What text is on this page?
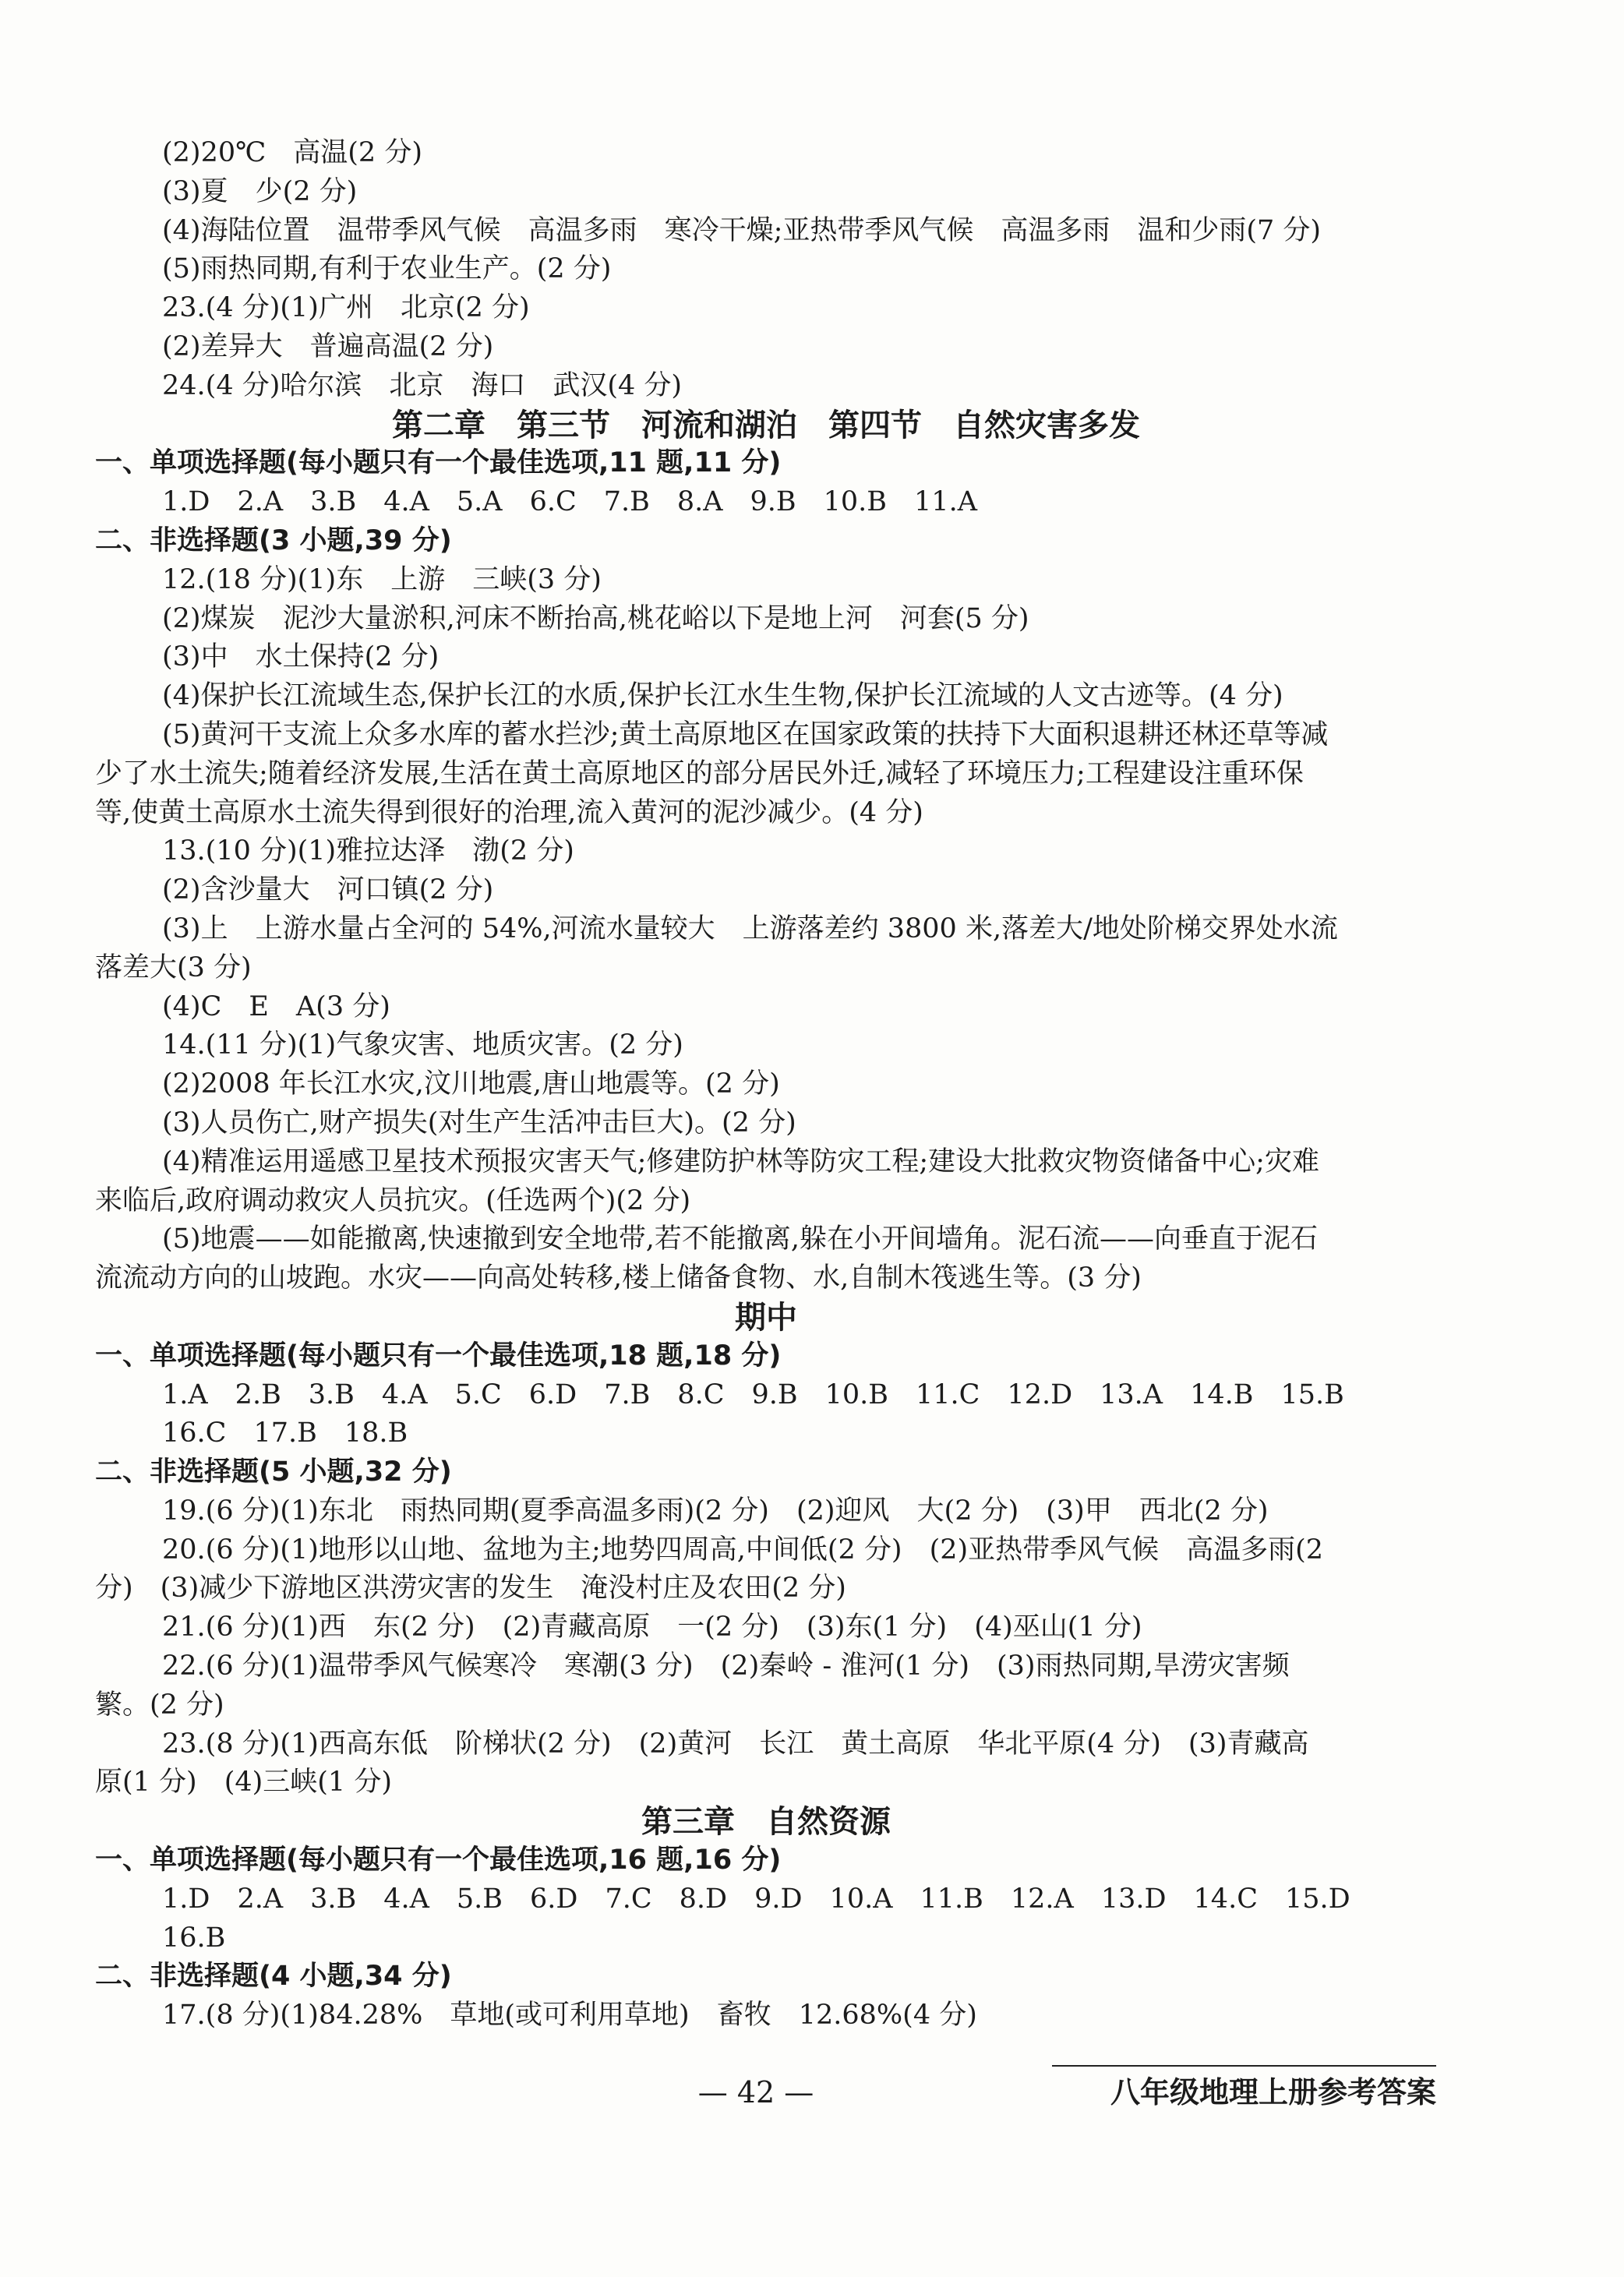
(2)20℃　高温(2 分)
(3)夏　少(2 分)
(4)海陆位置　温带季风气候　高温多雨　寒冷干燥;亚热带季风气候　高温多雨　温和少雨(7 分)
(5)雨热同期,有利于农业生产。(2 分)
23.(4 分)(1)广州　北京(2 分)
(2)差异大　普遍高温(2 分)
24.(4 分)哈尔滨　北京　海口　武汉(4 分)
第二章　第三节　河流和湖泊　第四节　自然灾害多发
一、单项选择题(每小题只有一个最佳选项,11 题,11 分)
1.D　2.A　3.B　4.A　5.A　6.C　7.B　8.A　9.B　10.B　11.A
二、非选择题(3 小题,39 分)
12.(18 分)(1)东　上游　三峡(3 分)
(2)煤炭　泥沙大量淤积,河床不断抬高,桃花峪以下是地上河　河套(5 分)
(3)中　水土保持(2 分)
(4)保护长江流域生态,保护长江的水质,保护长江水生生物,保护长江流域的人文古迹等。(4 分)
(5)黄河干支流上众多水库的蓄水拦沙;黄土高原地区在国家政策的扶持下大面积退耕还林还草等减
少了水土流失;随着经济发展,生活在黄土高原地区的部分居民外迁,减轻了环境压力;工程建设注重环保
等,使黄土高原水土流失得到很好的治理,流入黄河的泥沙减少。(4 分)
13.(10 分)(1)雅拉达泽　渤(2 分)
(2)含沙量大　河口镇(2 分)
(3)上　上游水量占全河的 54%,河流水量较大　上游落差约 3800 米,落差大/地处阶梯交界处水流
落差大(3 分)
(4)C　E　A(3 分)
14.(11 分)(1)气象灾害、地质灾害。(2 分)
(2)2008 年长江水灾,汶川地震,唐山地震等。(2 分)
(3)人员伤亡,财产损失(对生产生活冲击巨大)。(2 分)
(4)精准运用遥感卫星技术预报灾害天气;修建防护林等防灾工程;建设大批救灾物资储备中心;灾难
来临后,政府调动救灾人员抗灾。(任选两个)(2 分)
(5)地震——如能撤离,快速撤到安全地带,若不能撤离,躲在小开间墙角。泥石流——向垂直于泥石
流流动方向的山坡跑。水灾——向高处转移,楼上储备食物、水,自制木筏逃生等。(3 分)
期中
一、单项选择题(每小题只有一个最佳选项,18 题,18 分)
1.A　2.B　3.B　4.A　5.C　6.D　7.B　8.C　9.B　10.B　11.C　12.D　13.A　14.B　15.B
16.C　17.B　18.B
二、非选择题(5 小题,32 分)
19.(6 分)(1)东北　雨热同期(夏季高温多雨)(2 分)　(2)迎风　大(2 分)　(3)甲　西北(2 分)
20.(6 分)(1)地形以山地、盆地为主;地势四周高,中间低(2 分)　(2)亚热带季风气候　高温多雨(2
分)　(3)减少下游地区洪涝灾害的发生　淹没村庄及农田(2 分)
21.(6 分)(1)西　东(2 分)　(2)青藏高原　一(2 分)　(3)东(1 分)　(4)巫山(1 分)
22.(6 分)(1)温带季风气候寒冷　寒潮(3 分)　(2)秦岭 - 淮河(1 分)　(3)雨热同期,旱涝灾害频
繁。(2 分)
23.(8 分)(1)西高东低　阶梯状(2 分)　(2)黄河　长江　黄土高原　华北平原(4 分)　(3)青藏高
原(1 分)　(4)三峡(1 分)
第三章　自然资源
一、单项选择题(每小题只有一个最佳选项,16 题,16 分)
1.D　2.A　3.B　4.A　5.B　6.D　7.C　8.D　9.D　10.A　11.B　12.A　13.D　14.C　15.D
16.B
二、非选择题(4 小题,34 分)
17.(8 分)(1)84.28%　草地(或可利用草地)　畜牧　12.68%(4 分)
— 42 —	八年级地理上册参考答案
